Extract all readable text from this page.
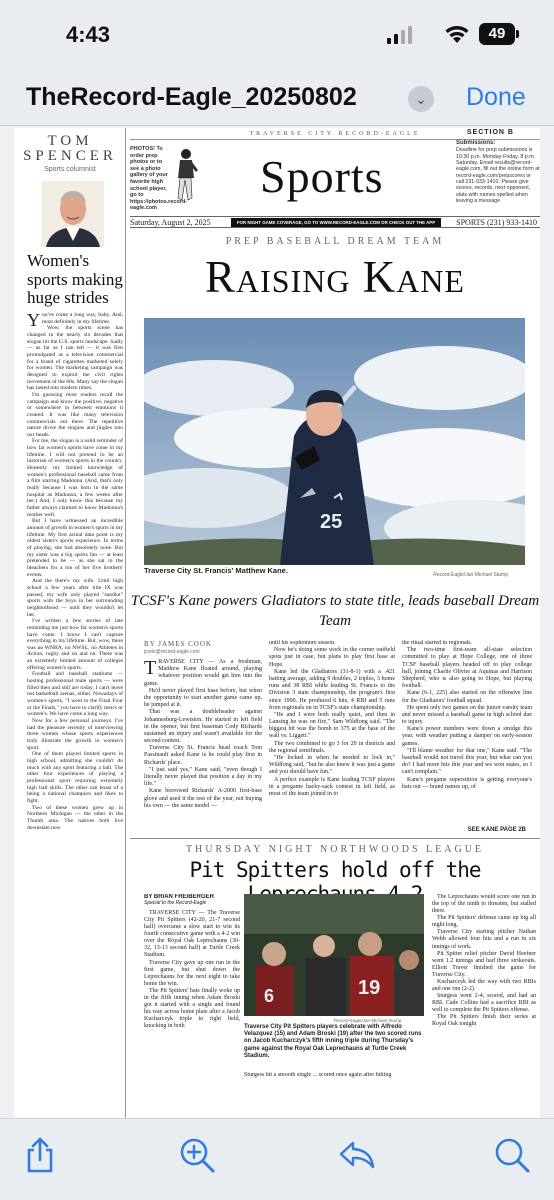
4:43	49
TheRecord-Eagle_20250802	⌄ Done
TOM
SPENCER
Sports columnist
Women's sports making huge strides

You've come a long way, baby. And, most definitely in my lifetime.

Wow, the sports scene has changed in the nearly six decades that slogan hit the U.S. sports landscape. Sadly — as far as I can tell — it was first promulgated as a television commercial for a brand of cigarettes marketed solely for women. The marketing campaign was designed to exploit the civil rights movement of the 60s. Many say the slogan has lasted into modern times.

I'm guessing most readers recall the campaign and know the positive, negative or somewhere in between emotions it created. It was like many television commercials out there. The repetitive nature drove the slogans and jingles into our heads.

For me, the slogan is a solid reminder of how far women's sports have come in my lifetime. I will not pretend to be an historian of women's sports in the country. Honestly my limited knowledge of women's professional baseball came from a film starring Madonna. (And, that's only really because I was born in the same hospital as Madonna, a few weeks after her.) And, I only know this because my father always claimed to know Madonna's mother well.

But I have witnessed an incredible amount of growth in women's sports in my lifetime. My first actual data point is my oldest sister's sports experience. In terms of playing, she had absolutely none. But my sister was a big sports fan — at least pretended to be — as she sat in the bleachers for a ton of her five brothers' events.

And the there's my wife. Until high school a few years after title IX was passed, my wife only played "sandlot" sports with the boys in her surrounding neighborhood — until they wouldn't let her.

I've written a few stories of late reminding me just how far women's sports have come. I know I can't capture everything in my lifetime. But, wow, there was no WNBA, no NWSL, no Athletes in Action, rugby and on and on. There was an extremely limited amount of colleges offering women's sports.

Football and baseball stadiums — hosting professional male sports — were filled then and still are today. I can't leave out basketball arenas, either. Nowadays of women's sports, "I went to the Final Four or the Finals," you have to clarify men's or women's. We have come a long way.

Now for a few personal journeys. I've had the pleasure recently of interviewing three women whose sports experiences truly illustrate the growth in women's sport.

One of them played limited sports in high school, admitting she couldn't do much with any sport featuring a ball. The other four experiences of playing a professional sport requiring extremely high ball skills. The other can boast of a being a national champion and likes to fight.

Two of these women grew up in Northern Michigan — the other in the Thumb area. The natives both live downstate now

TRAVERSE CITY RECORD-EAGLE	SECTION B
PHOTOS! To order prep photos or to see a photo gallery of your favorite high school player, go to https://photos.record-eagle.com
Sports
Submissions:
Deadline for prep submissions is 10:30 p.m. Monday-Friday, 8 p.m. Saturday. Email results@record-eagle.com, fill out the online form at record-eagle.com/prepscores or call 231-933-1410. Please give scores, records, next opponent, stats with names spelled when leaving a message
Saturday, August 2, 2025	FOR NIGHT GAME COVERAGE, GO TO WWW.RECORD-EAGLE.COM OR CHECK OUT THE APP	SPORTS (231) 933-1410
PREP BASEBALL DREAM TEAM
Raising Kane
25
Traverse City St. Francis' Matthew Kane.	Record-Eagle/Jan-Michael Stump
TCSF's Kane powers Gladiators to state title, leads baseball Dream Team
BY JAMES COOK
jcook@record-eagle.com

TRAVERSE CITY — As a freshman, Matthew Kane floated around, playing whatever position would get him into the game.

He'd never played first base before, but when the opportunity to start another game came up, he jumped at it.

That was a doubleheader against Johannesburg-Lewiston. He started in left field in the opener, but first baseman Cody Richards sustained an injury and wasn't available for the second contest.

Traverse City St. Francis head coach Tom Passinault asked Kane is he could play first in Richards' place.

"I just said yes," Kane said, "even though I literally never played that position a day in my life."

Kane borrowed Richards' A-2000 first-base glove and used it the rest of the year, not buying his own — the same model —

until his sophomore season.

Now he's doing some work in the corner outfield spots just in case, but plans to play first base at Hope.

Kane led the Gladiators (31-8-1) with a .421 batting average, adding 9 doubles, 2 triples, 3 home runs and 38 RBI while leading St. Francis to the Division 3 state championship, the program's first since 1990. He produced 6 hits, 4 RBI and 5 runs from regionals on in TCSF's state championship.

"He and I were both really quiet, and then in Lansing he was on fire," Sam Wildfong said. "The biggest hit was the bomb to 375 at the base of the wall vs. Liggett."

The two combined to go 3 for 20 in districts and the regional semifinals.

"He locked in when he needed to lock in," Wildfong said, "but he also knew it was just a game and you should have fun."

A perfect example is Kane leading TCSF players in a pregame hacky-sack contest in left field, as most of the team joined in to

the ritual started in regionals.

The two-time first-team all-state selection committed to play at Hope College, one of three TCSF baseball players headed off to play college ball, joining Charlie Olivier at Aquinas and Harrison Shepherd, who is also going to Hope, but playing football.

Kane (6-1, 225) also started on the offensive line for the Gladiators' football squad.

He spent only two games on the junior varsity team and never missed a baseball game in high school due to injury.

Kane's power numbers were down a smidge this year, with weather putting a damper on early-season games.

"I'll blame weather for that one," Kane said. "The baseball would not travel this year, but what can you do? I had more hits this year and we won states, so I can't complain."

Kane's pregame superstition is getting everyone's bats out — brand names up, of

SEE KANE PAGE 2B
THURSDAY NIGHT NORTHWOODS LEAGUE
Pit Spitters hold off the

BY BRIAN FREIBERGER

Special to the Record-Eagle

TRAVERSE CITY — The Traverse City Pit Spitters (42-20, 21-7 second half) overcame a slow start to win its fourth consecutive game with a 4-2 win over the Royal Oak Leprechauns (30-32, 13-13 second half) at Turtle Creek Stadium.

Traverse City gave up one run in the first game, but shut down the Leprechauns for the next eight to take home the win.

The Pit Spitters' bats finally woke up in the fifth inning when Adam Broski got it started with a single and found his way across home plate after a Jacob Kucharczyk triple to right field, knocking in both

6	19
Record-Eagle/Jan-Michael Stump
Traverse City Pit Spitters players celebrate with Alfredo Velazquez (15) and Adam Broski (19) after the two scored runs on Jacob Kucharczyk's fifth inning triple during Thursday's game against the Royal Oak Leprechauns at Turtle Creek Stadium.
Sturgess hit a smooth single ... scored once again after hitting

The Leprechauns would score one run in the top of the ninth to threaten, but stalled there.

The Pit Spitters' defense came up big all night long.

Traverse City starting pitcher Nathan Webb allowed four hits and a run in six innings of work.

Pit Spitter relief pitcher David Heefner went 1.2 innings and had three strikeouts. Elliott Traver finished the game for Traverse City.

Kucharczyk led the way with two RBIs and one run (2-2).

Sturgess went 2-4, scored, and had an RBI. Cade Collins had a sacrifice RBI as well to complete the Pit Spitters offense.

The Pit Spitters finish their series at Royal Oak tonight
